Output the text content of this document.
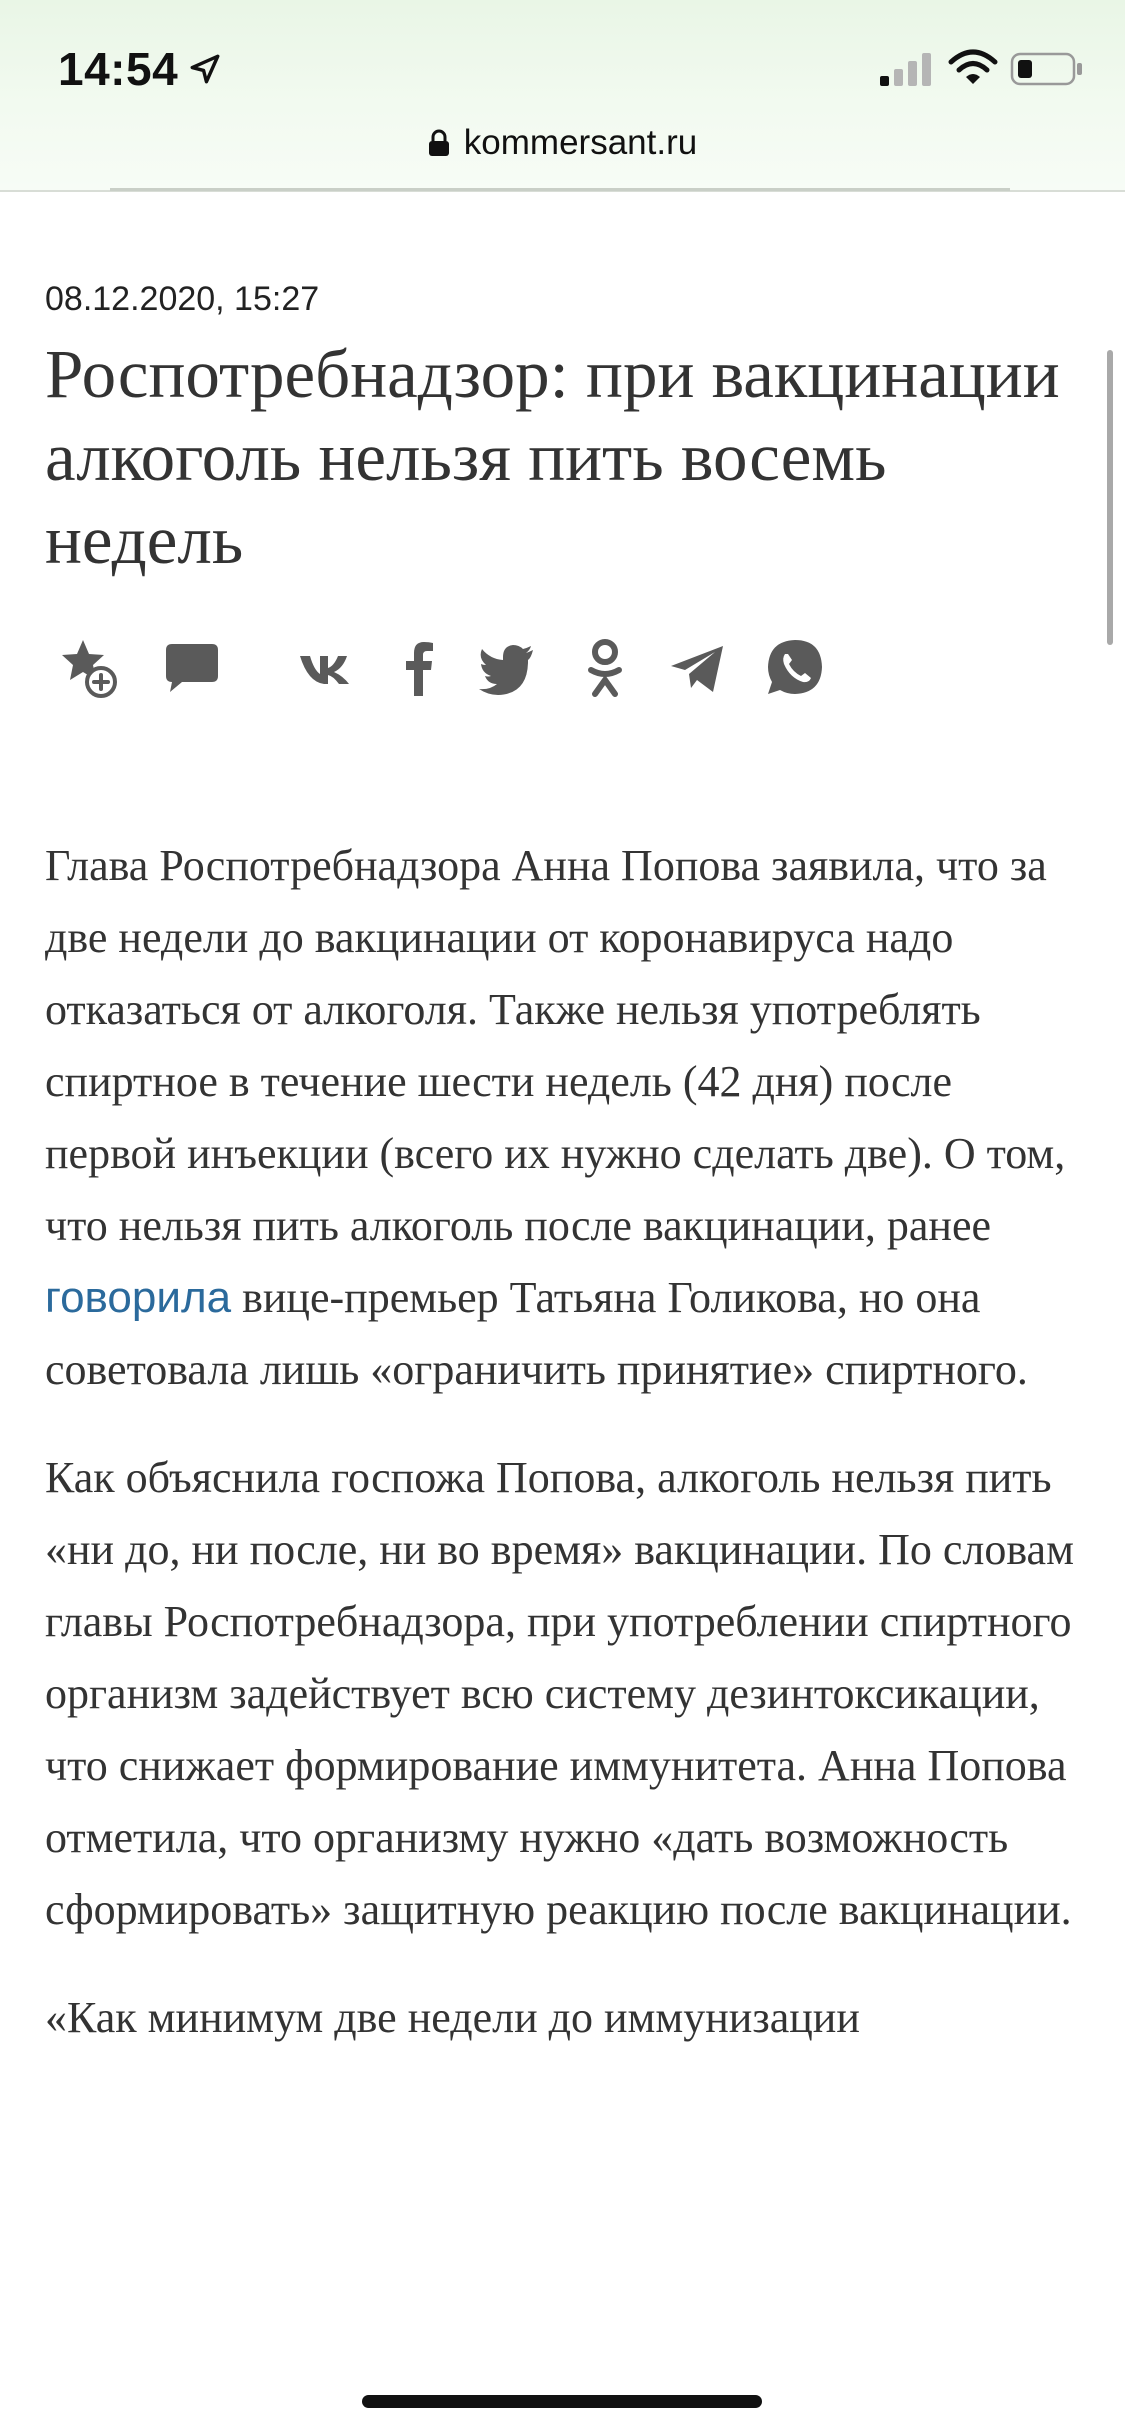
14:54
kommersant.ru
08.12.2020, 15:27
Роспотребнадзор: при вакцинации алкоголь нельзя пить восемь недель

Глава Роспотребнадзора Анна Попова заявила, что за две недели до вакцинации от коронавируса надо отказаться от алкоголя. Также нельзя употреблять спиртное в течение шести недель (42 дня) после первой инъекции (всего их нужно сделать две). О том, что нельзя пить алкоголь после вакцинации, ранее говорила вице-премьер Татьяна Голикова, но она советовала лишь «ограничить принятие» спиртного.

Как объяснила госпожа Попова, алкоголь нельзя пить «ни до, ни после, ни во время» вакцинации. По словам главы Роспотребнадзора, при употреблении спиртного организм задействует всю систему дезинтоксикации, что снижает формирование иммунитета. Анна Попова отметила, что организму нужно «дать возможность сформировать» защитную реакцию после вакцинации.

«Как минимум две недели до иммунизации
